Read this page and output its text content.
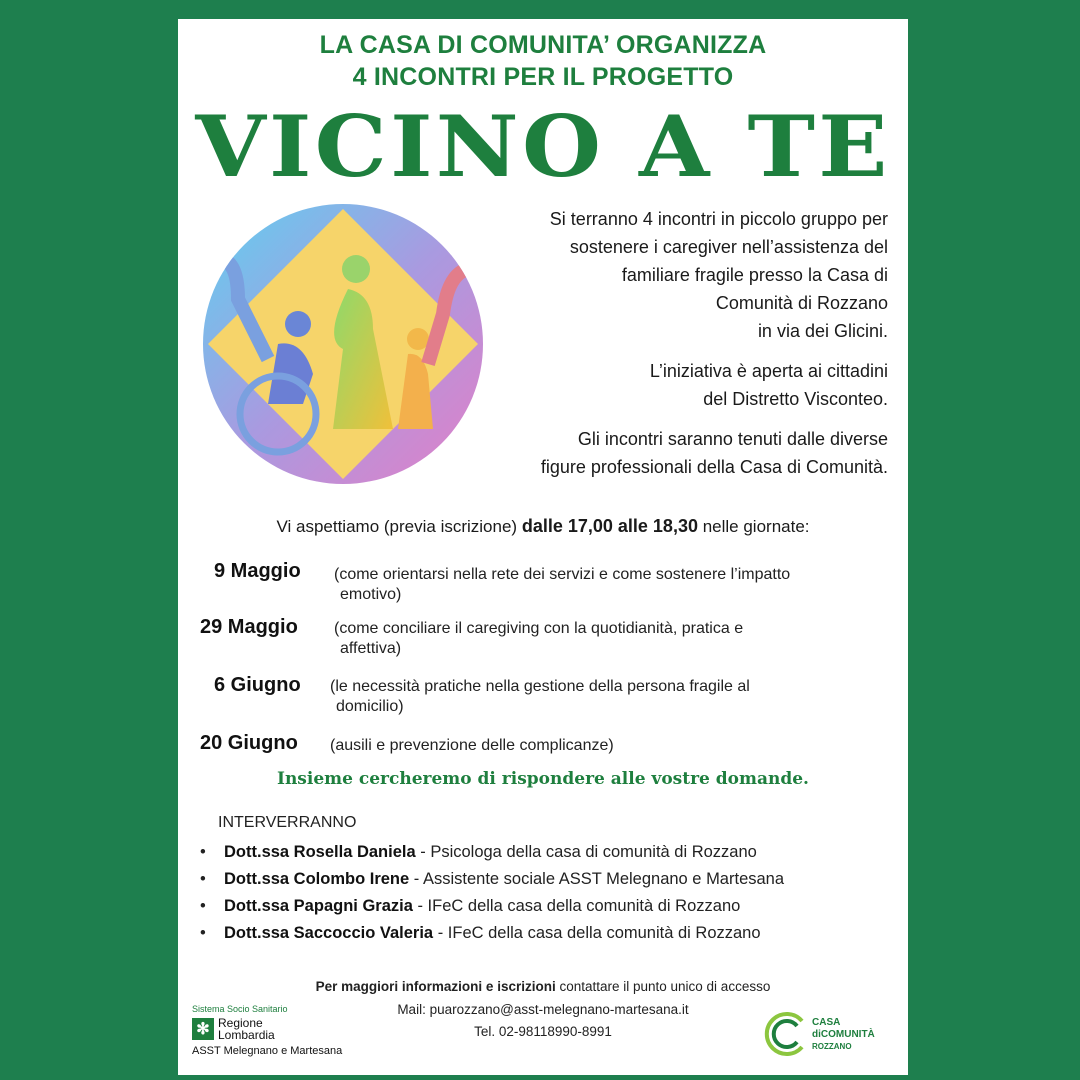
LA CASA DI COMUNITA’ ORGANIZZA
4 INCONTRI PER IL PROGETTO
VICINO A TE

Si terranno 4 incontri in piccolo gruppo per
sostenere i caregiver nell’assistenza del
familiare fragile presso la Casa di
Comunità di Rozzano
in via dei Glicini.

L’iniziativa è aperta ai cittadini
del Distretto Visconteo.

Gli incontri saranno tenuti dalle diverse
figure professionali della Casa di Comunità.

Vi aspettiamo (previa iscrizione) dalle 17,00 alle 18,30 nelle giornate:
9 Maggio (come orientarsi nella rete dei servizi e come sostenere l’impatto
emotivo)
29 Maggio (come conciliare il caregiving con la quotidianità, pratica e
affettiva)
6 Giugno (le necessità pratiche nella gestione della persona fragile al
domicilio)
20 Giugno (ausili e prevenzione delle complicanze)
Insieme cercheremo di rispondere alle vostre domande.
INTERVERRANNO
• Dott.ssa Rosella Daniela - Psicologa della casa di comunità di Rozzano
• Dott.ssa Colombo Irene - Assistente sociale ASST Melegnano e Martesana
• Dott.ssa Papagni Grazia - IFeC della casa della comunità di Rozzano
• Dott.ssa Saccoccio Valeria - IFeC della casa della comunità di Rozzano
Per maggiori informazioni e iscrizioni contattare il punto unico di accesso
Mail: puarozzano@asst-melegnano-martesana.it
Tel. 02-98118990-8991
Sistema Socio Sanitario
✻ Regione
Lombardia
ASST Melegnano e Martesana
CASA
diCOMUNITÀ
ROZZANO
